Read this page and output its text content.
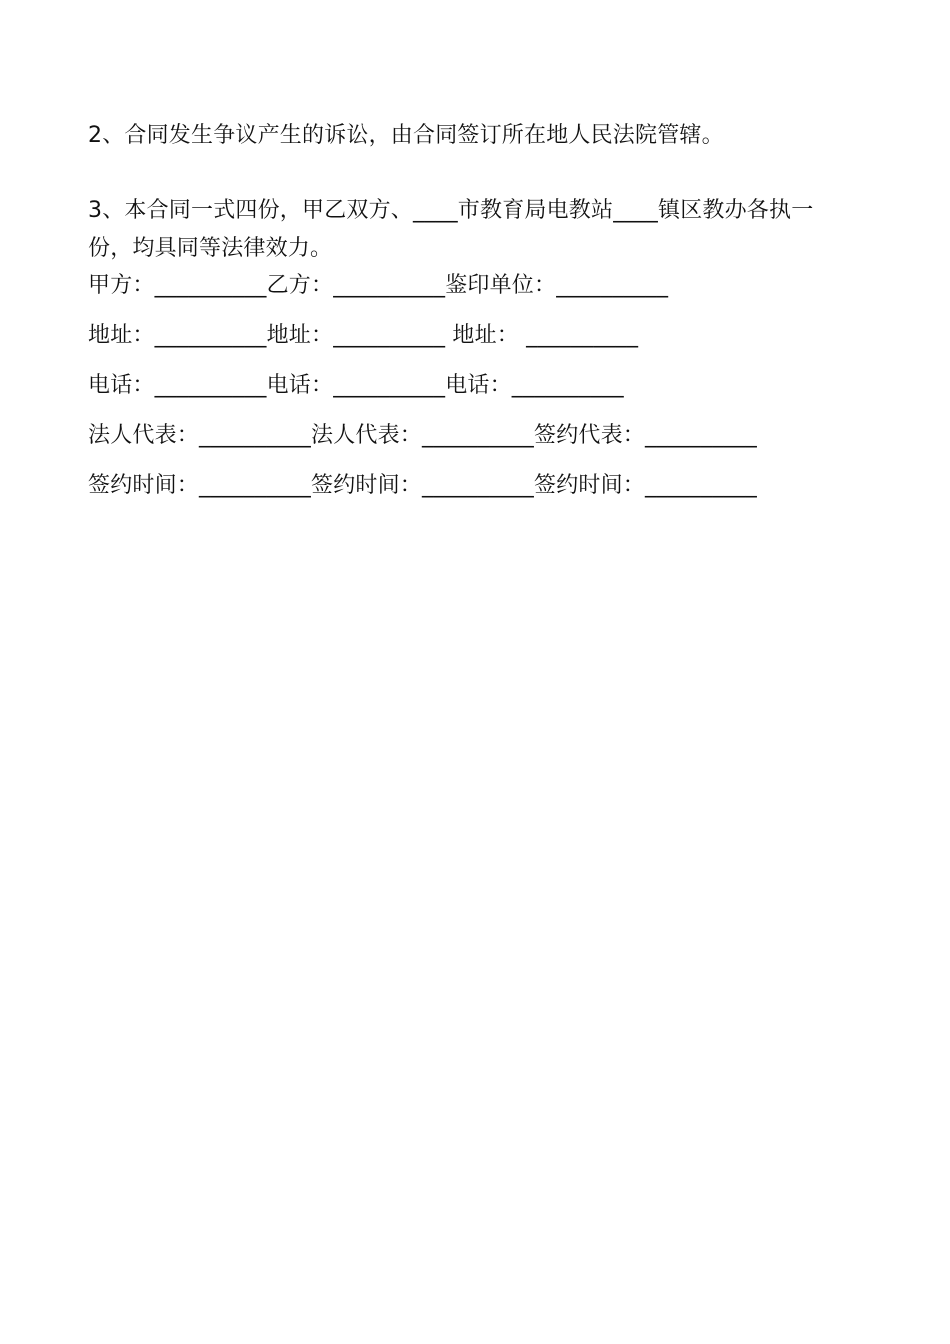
2、合同发生争议产生的诉讼，由合同签订所在地人民法院管辖。
3、本合同一式四份，甲乙双方、____市教育局电教站____镇区教办各执一
份，均具同等法律效力。
甲方：__________乙方：__________鉴印单位：__________
地址：__________地址：__________ 地址： __________
电话：__________电话：__________电话：__________
法人代表：__________法人代表：__________签约代表：__________
签约时间：__________签约时间：__________签约时间：__________
